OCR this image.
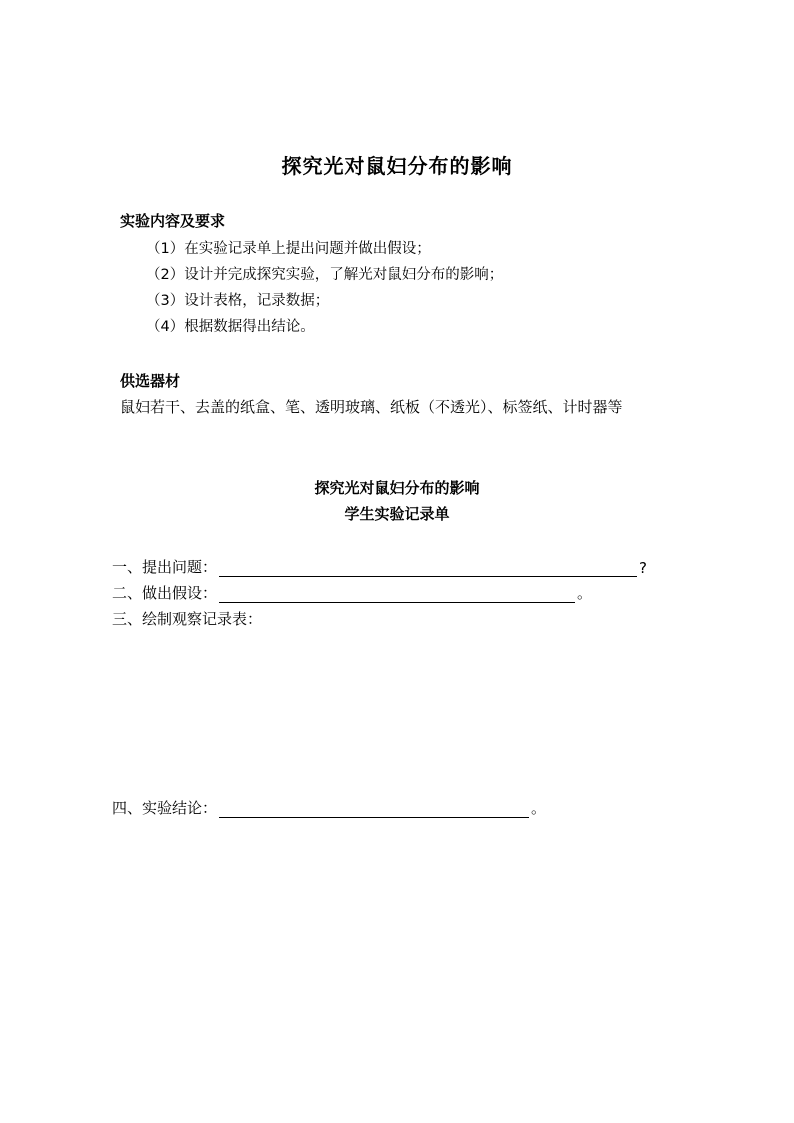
探究光对鼠妇分布的影响
实验内容及要求
（1）在实验记录单上提出问题并做出假设；
（2）设计并完成探究实验，了解光对鼠妇分布的影响；
（3）设计表格，记录数据；
（4）根据数据得出结论。
供选器材
鼠妇若干、去盖的纸盒、笔、透明玻璃、纸板（不透光）、标签纸、计时器等
探究光对鼠妇分布的影响
学生实验记录单
一、提出问题：	?
二、做出假设：	。
三、绘制观察记录表：
四、实验结论：	。
